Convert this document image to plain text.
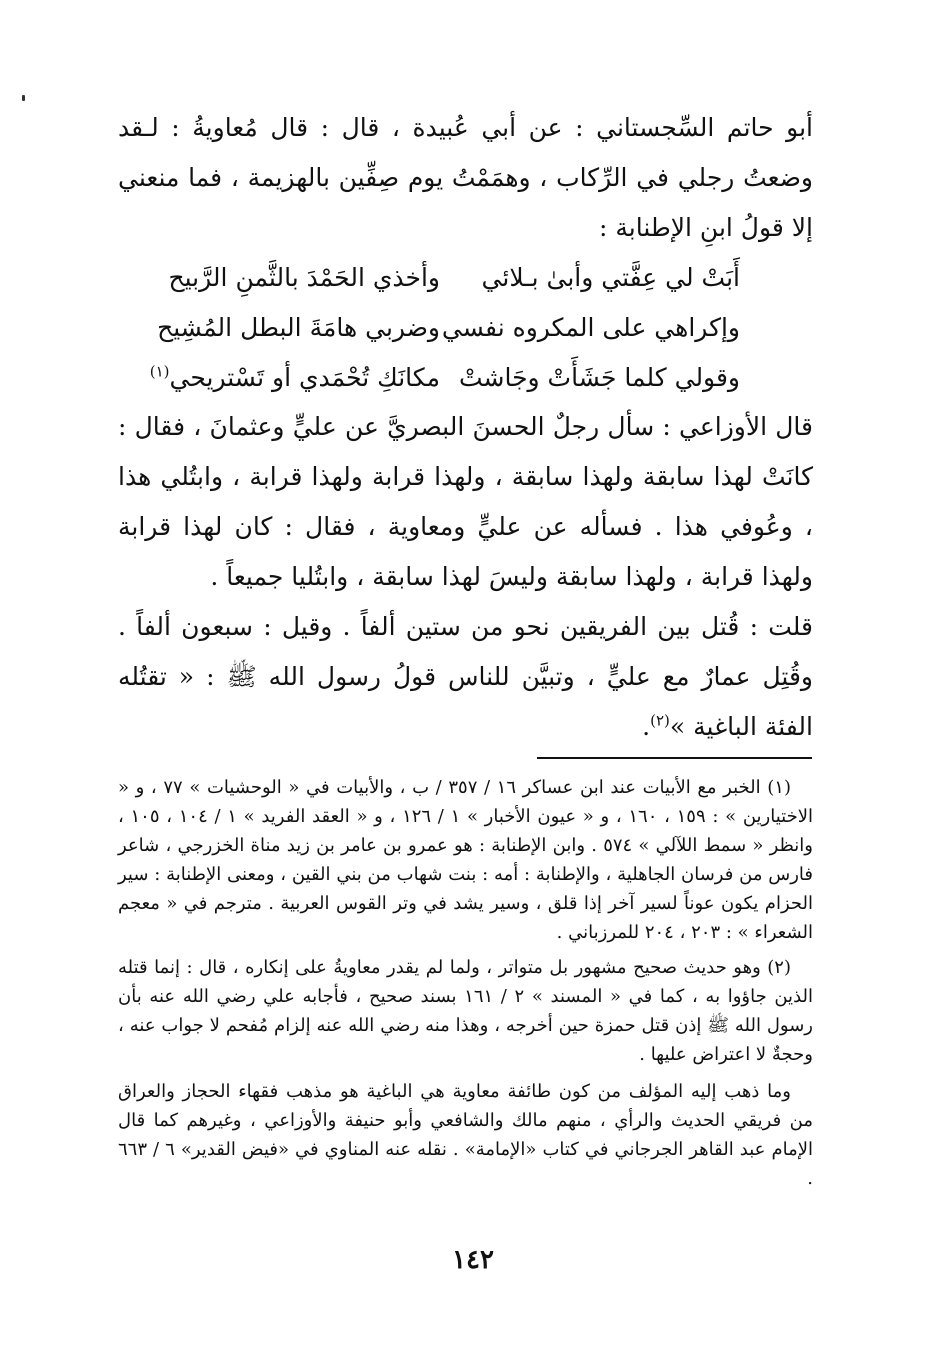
أبو حاتم السِّجستاني : عن أبي عُبيدة ، قال : قال مُعاويةُ : لـقد وضعتُ رجلي في الرِّكاب ، وهمَمْتُ يوم صِفِّين بالهزيمة ، فما منعني إلا قولُ ابنِ الإطنابة :

أَبَتْ لي عِفَّتي وأبىٰ بـلائي
وأخذي الحَمْدَ بالثَّمنِ الرَّبيح
وإكراهي على المكروه نفسي
وضربي هامَةَ البطل المُشِيح
وقولي كلما جَشَأَتْ وجَاشتْ
مكانَكِ تُحْمَدي أو تَسْتريحي$^{(١)}$

قال الأوزاعي : سأل رجلٌ الحسنَ البصريَّ عن عليٍّ وعثمانَ ، فقال : كانَتْ لهذا سابقة ولهذا سابقة ، ولهذا قرابة ولهذا قرابة ، وابتُلي هذا ، وعُوفي هذا . فسأله عن عليٍّ ومعاوية ، فقال : كان لهذا قرابة ولهذا قرابة ، ولهذا سابقة وليسَ لهذا سابقة ، وابتُليا جميعاً .

قلت : قُتل بين الفريقين نحو من ستين ألفاً . وقيل : سبعون ألفاً . وقُتِل عمارٌ مع عليٍّ ، وتبيَّن للناس قولُ رسول الله ﷺ : « تقتُله الفئة الباغية »$^{(٢)}$.

(١) الخبر مع الأبيات عند ابن عساكر ١٦ / ٣٥٧ / ب ، والأبيات في « الوحشيات » ٧٧ ، و « الاختيارين » : ١٥٩ ، ١٦٠ ، و « عيون الأخبار » ١ / ١٢٦ ، و « العقد الفريد » ١ / ١٠٤ ، ١٠٥ ، وانظر « سمط اللآلي » ٥٧٤ . وابن الإطنابة : هو عمرو بن عامر بن زيد مناة الخزرجي ، شاعر فارس من فرسان الجاهلية ، والإطنابة : أمه : بنت شهاب من بني القين ، ومعنى الإطنابة : سير الحزام يكون عوناً لسير آخر إذا قلق ، وسير يشد في وتر القوس العربية . مترجم في « معجم الشعراء » : ٢٠٣ ، ٢٠٤ للمرزباني .

(٢) وهو حديث صحيح مشهور بل متواتر ، ولما لم يقدر معاويةُ على إنكاره ، قال : إنما قتله الذين جاؤوا به ، كما في « المسند » ٢ / ١٦١ بسند صحيح ، فأجابه علي رضي الله عنه بأن رسول الله ﷺ إذن قتل حمزة حين أخرجه ، وهذا منه رضي الله عنه إلزام مُفحم لا جواب عنه ، وحجةٌ لا اعتراض عليها .

وما ذهب إليه المؤلف من كون طائفة معاوية هي الباغية هو مذهب فقهاء الحجاز والعراق من فريقي الحديث والرأي ، منهم مالك والشافعي وأبو حنيفة والأوزاعي ، وغيرهم كما قال الإمام عبد القاهر الجرجاني في كتاب «الإمامة» . نقله عنه المناوي في «فيض القدير» ٦ / ٦٦٣ .

١٤٢
